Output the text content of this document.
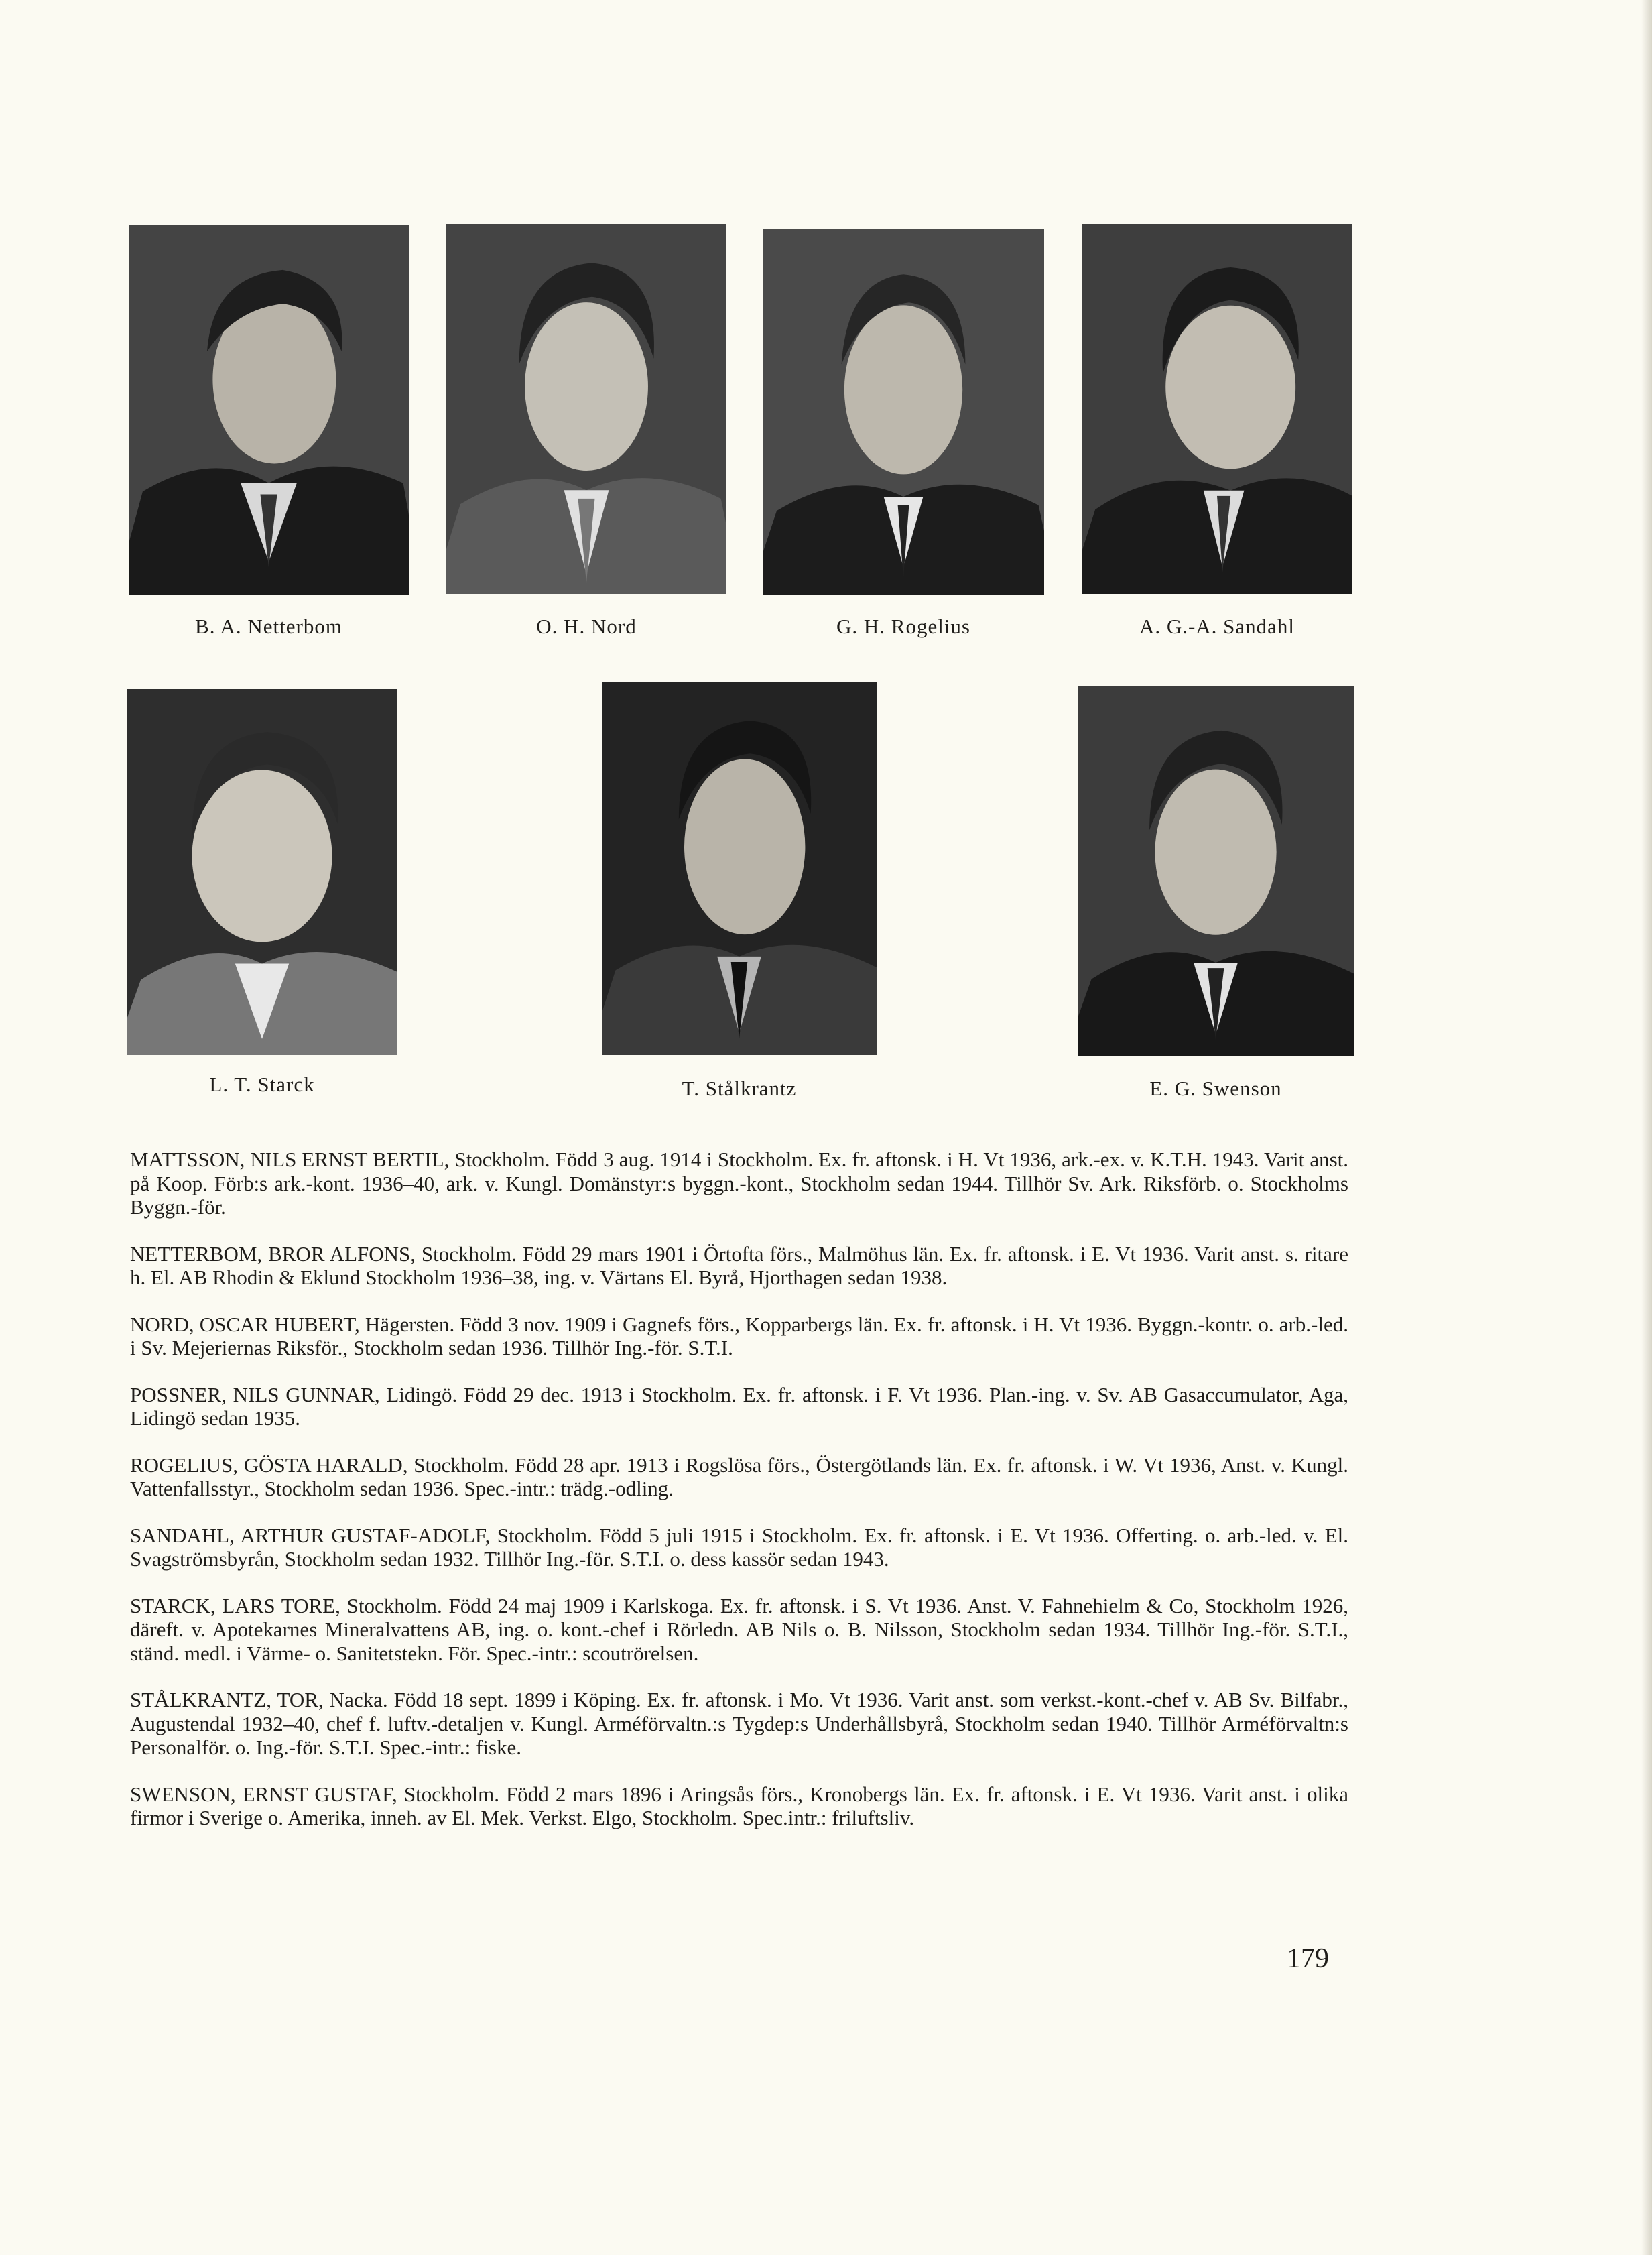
B. A. Netterbom	O. H. Nord	G. H. Rogelius	A. G.-A. Sandahl
L. T. Starck	T. Stålkrantz	E. G. Swenson

MATTSSON, NILS ERNST BERTIL, Stockholm. Född 3 aug. 1914 i Stockholm. Ex. fr. aftonsk. i H. Vt 1936, ark.-ex. v. K.T.H. 1943. Varit anst. på Koop. Förb:s ark.-kont. 1936–40, ark. v. Kungl. Domänstyr:s byggn.-kont., Stockholm sedan 1944. Tillhör Sv. Ark. Riksförb. o. Stockholms Byggn.-för.

NETTERBOM, BROR ALFONS, Stockholm. Född 29 mars 1901 i Örtofta förs., Malmöhus län. Ex. fr. aftonsk. i E. Vt 1936. Varit anst. s. ritare h. El. AB Rhodin & Eklund Stockholm 1936–38, ing. v. Värtans El. Byrå, Hjorthagen sedan 1938.

NORD, OSCAR HUBERT, Hägersten. Född 3 nov. 1909 i Gagnefs förs., Kopparbergs län. Ex. fr. aftonsk. i H. Vt 1936. Byggn.-kontr. o. arb.-led. i Sv. Mejeriernas Riksför., Stockholm sedan 1936. Tillhör Ing.-för. S.T.I.

POSSNER, NILS GUNNAR, Lidingö. Född 29 dec. 1913 i Stockholm. Ex. fr. aftonsk. i F. Vt 1936. Plan.-ing. v. Sv. AB Gasaccumulator, Aga, Lidingö sedan 1935.

ROGELIUS, GÖSTA HARALD, Stockholm. Född 28 apr. 1913 i Rogslösa förs., Östergötlands län. Ex. fr. aftonsk. i W. Vt 1936, Anst. v. Kungl. Vattenfallsstyr., Stockholm sedan 1936. Spec.-intr.: trädg.-odling.

SANDAHL, ARTHUR GUSTAF-ADOLF, Stockholm. Född 5 juli 1915 i Stockholm. Ex. fr. aftonsk. i E. Vt 1936. Offerting. o. arb.-led. v. El. Svagströmsbyrån, Stockholm sedan 1932. Tillhör Ing.-för. S.T.I. o. dess kassör sedan 1943.

STARCK, LARS TORE, Stockholm. Född 24 maj 1909 i Karlskoga. Ex. fr. aftonsk. i S. Vt 1936. Anst. V. Fahnehielm & Co, Stockholm 1926, däreft. v. Apotekarnes Mineralvattens AB, ing. o. kont.-chef i Rörledn. AB Nils o. B. Nilsson, Stockholm sedan 1934. Tillhör Ing.-för. S.T.I., ständ. medl. i Värme- o. Sanitetstekn. För. Spec.-intr.: scoutrörelsen.

STÅLKRANTZ, TOR, Nacka. Född 18 sept. 1899 i Köping. Ex. fr. aftonsk. i Mo. Vt 1936. Varit anst. som verkst.-kont.-chef v. AB Sv. Bilfabr., Augustendal 1932–40, chef f. luftv.-detaljen v. Kungl. Arméförvaltn.:s Tygdep:s Underhållsbyrå, Stockholm sedan 1940. Tillhör Arméförvaltn:s Personalför. o. Ing.-för. S.T.I. Spec.-intr.: fiske.

SWENSON, ERNST GUSTAF, Stockholm. Född 2 mars 1896 i Aringsås förs., Kronobergs län. Ex. fr. aftonsk. i E. Vt 1936. Varit anst. i olika firmor i Sverige o. Amerika, inneh. av El. Mek. Verkst. Elgo, Stockholm. Spec.intr.: friluftsliv.

179
